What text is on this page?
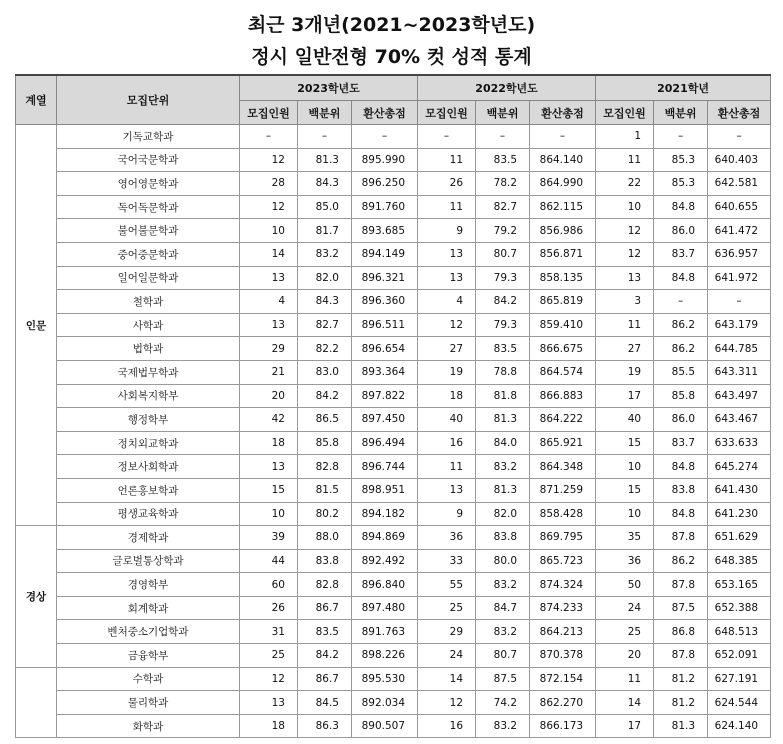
최근 3개년(2021~2023학년도)
정시 일반전형 70% 컷 성적 통계
계열	모집단위	2023학년도			2022학년도			2021학년		
		모집인원	백분위	환산총점	모집인원	백분위	환산총점	모집인원	백분위	환산총점
인문	기독교학과	–	–	–	–	–	–	1	–	–
	국어국문학과	12	81.3	895.990	11	83.5	864.140	11	85.3	640.403
	영어영문학과	28	84.3	896.250	26	78.2	864.990	22	85.3	642.581
	독어독문학과	12	85.0	891.760	11	82.7	862.115	10	84.8	640.655
	불어불문학과	10	81.7	893.685	9	79.2	856.986	12	86.0	641.472
	중어중문학과	14	83.2	894.149	13	80.7	856.871	12	83.7	636.957
	일어일문학과	13	82.0	896.321	13	79.3	858.135	13	84.8	641.972
	철학과	4	84.3	896.360	4	84.2	865.819	3	–	–
	사학과	13	82.7	896.511	12	79.3	859.410	11	86.2	643.179
	법학과	29	82.2	896.654	27	83.5	866.675	27	86.2	644.785
	국제법무학과	21	83.0	893.364	19	78.8	864.574	19	85.5	643.311
	사회복지학부	20	84.2	897.822	18	81.8	866.883	17	85.8	643.497
	행정학부	42	86.5	897.450	40	81.3	864.222	40	86.0	643.467
	정치외교학과	18	85.8	896.494	16	84.0	865.921	15	83.7	633.633
	정보사회학과	13	82.8	896.744	11	83.2	864.348	10	84.8	645.274
	언론홍보학과	15	81.5	898.951	13	81.3	871.259	15	83.8	641.430
	평생교육학과	10	80.2	894.182	9	82.0	858.428	10	84.8	641.230
경상	경제학과	39	88.0	894.869	36	83.8	869.795	35	87.8	651.629
	글로벌통상학과	44	83.8	892.492	33	80.0	865.723	36	86.2	648.385
	경영학부	60	82.8	896.840	55	83.2	874.324	50	87.8	653.165
	회계학과	26	86.7	897.480	25	84.7	874.233	24	87.5	652.388
	벤처중소기업학과	31	83.5	891.763	29	83.2	864.213	25	86.8	648.513
	금융학부	25	84.2	898.226	24	80.7	870.378	20	87.8	652.091
	수학과	12	86.7	895.530	14	87.5	872.154	11	81.2	627.191
	물리학과	13	84.5	892.034	12	74.2	862.270	14	81.2	624.544
	화학과	18	86.3	890.507	16	83.2	866.173	17	81.3	624.140
